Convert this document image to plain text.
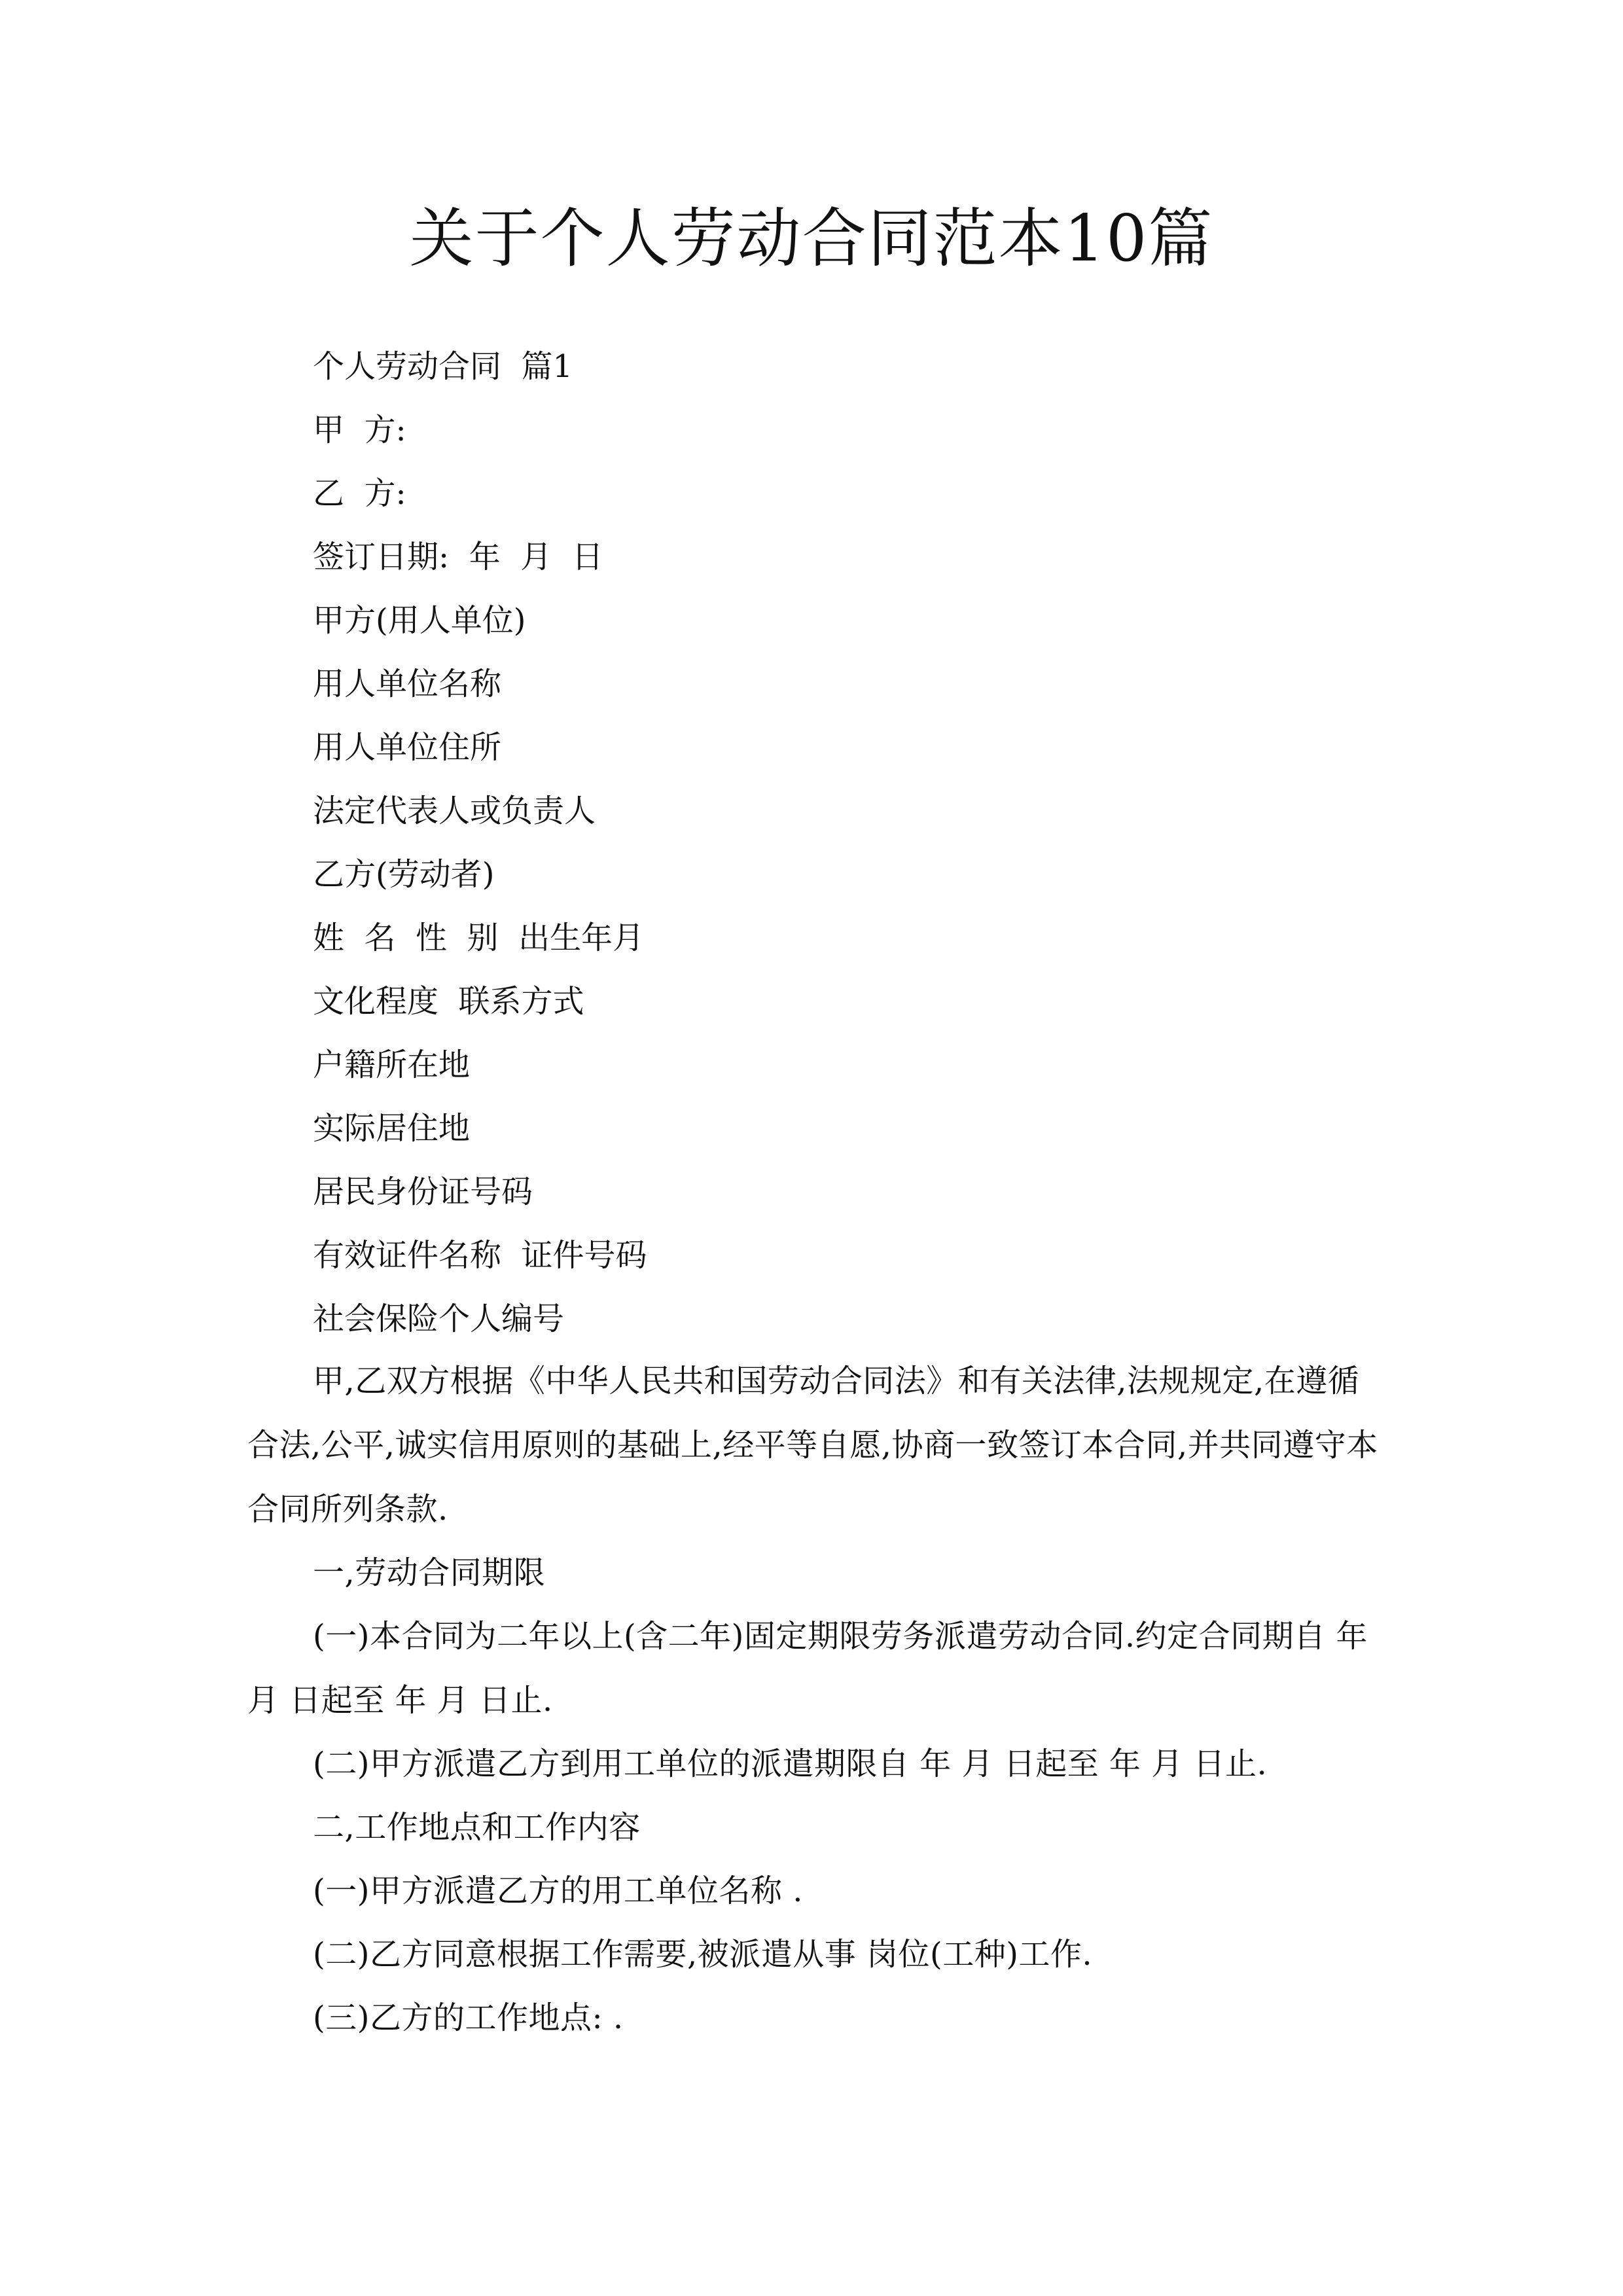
关于个人劳动合同范本10篇

个人劳动合同  篇1

甲  方:

乙  方:

签订日期:  年  月  日

甲方(用人单位)

用人单位名称

用人单位住所

法定代表人或负责人

乙方(劳动者)

姓  名  性  别  出生年月

文化程度  联系方式

户籍所在地

实际居住地

居民身份证号码

有效证件名称  证件号码

社会保险个人编号

甲,乙双方根据《中华人民共和国劳动合同法》和有关法律,法规规定,在遵循合法,公平,诚实信用原则的基础上,经平等自愿,协商一致签订本合同,并共同遵守本合同所列条款.

一,劳动合同期限

(一)本合同为二年以上(含二年)固定期限劳务派遣劳动合同.约定合同期自 年 月 日起至 年 月 日止.

(二)甲方派遣乙方到用工单位的派遣期限自 年 月 日起至 年 月 日止.

二,工作地点和工作内容

(一)甲方派遣乙方的用工单位名称 .

(二)乙方同意根据工作需要,被派遣从事 岗位(工种)工作.

(三)乙方的工作地点: .
